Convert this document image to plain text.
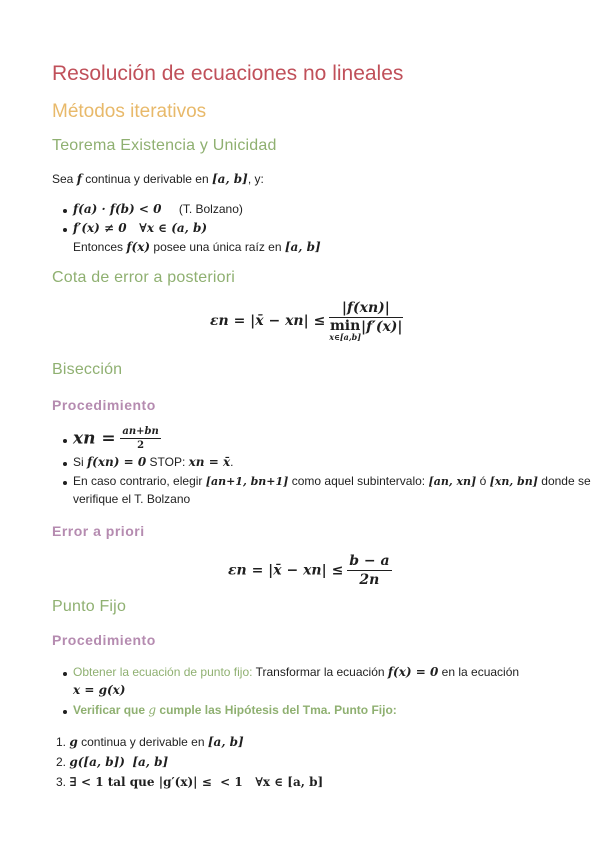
Resolución de ecuaciones no lineales
Métodos iterativos
Teorema Existencia y Unicidad
Sea f continua y derivable en [a, b], y:
f(a) · f(b) < 0 (T. Bolzano)
f′(x) ≠ 0   ∀x ∈ (a, b)
Entonces f(x) posee una única raíz en [a, b]
Cota de error a posteriori
εn = |x̄ − xn| ≤ |f(xn)|
min
x∈[a,b]
|f′(x)|
Bisección
Procedimiento
xn = $\frac{an+bn}{2}$
Si f(xn) = 0 STOP: xn = x̄.
En caso contrario, elegir [an+1, bn+1] como aquel subintervalo: [an, xn] ó [xn, bn] donde se
verifique el T. Bolzano
Error a priori
εn = |x̄ − $xn| \le \frac{b - a}{2n}$
Punto Fijo
Procedimiento
Obtener la ecuación de punto fijo: Transformar la ecuación f(x) = 0 en la ecuación
x = g(x)
Verificar que g cumple las Hipótesis del Tma. Punto Fijo:
1. g continua y derivable en [a, b]
2. g([a, b]) [a, b]
3. ∃ < 1 tal que |g′(x)| ≤  < 1   ∀x ∈ [a, b]
